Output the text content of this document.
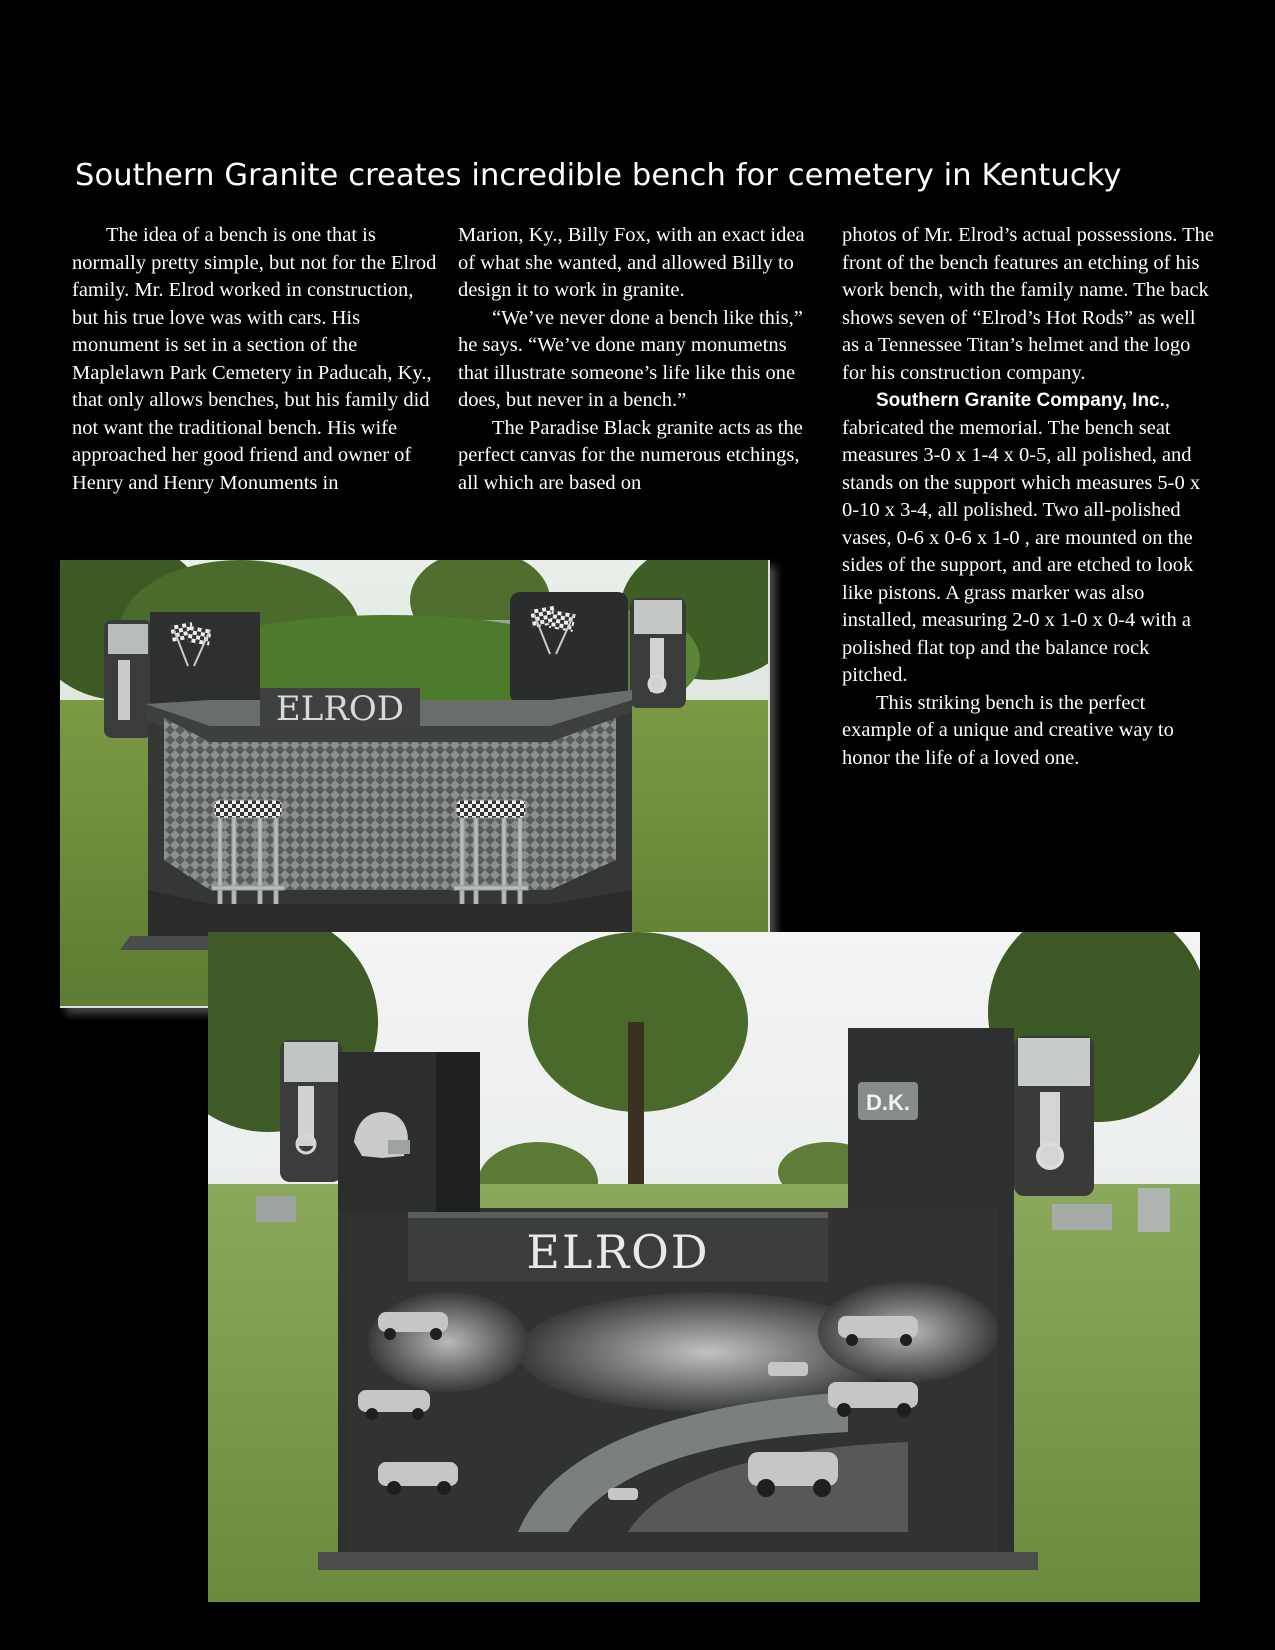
Southern Granite creates incredible bench for cemetery in Kentucky

The idea of a bench is one that is normally pretty simple, but not for the Elrod family. Mr. Elrod worked in construction, but his true love was with cars. His monument is set in a section of the Maplelawn Park Cemetery in Paducah, Ky., that only allows benches, but his family did not want the traditional bench. His wife approached her good friend and owner of Henry and Henry Monuments in

Marion, Ky., Billy Fox, with an exact idea of what she wanted, and allowed Billy to design it to work in granite.

“We’ve never done a bench like this,” he says. “We’ve done many monumetns that illustrate someone’s life like this one does, but never in a bench.”

The Paradise Black granite acts as the perfect canvas for the numerous etchings, all which are based on

photos of Mr. Elrod’s actual possessions. The front of the bench features an etching of his work bench, with the family name. The back shows seven of “Elrod’s Hot Rods” as well as a Tennessee Titan’s helmet and the logo for his construction company.

Southern Granite Company, Inc., fabricated the memorial. The bench seat measures 3-0 x 1-4 x 0-5, all polished, and stands on the support which measures 5-0 x 0-10 x 3-4, all polished. Two all-polished vases, 0-6 x 0-6 x 1-0 , are mounted on the sides of the support, and are etched to look like pistons. A grass marker was also installed, measuring 2-0 x 1-0 x 0-4 with a polished flat top and the balance rock pitched.

This striking bench is the perfect example of a unique and creative way to honor the life of a loved one.

ELROD
D.K.
ELROD
